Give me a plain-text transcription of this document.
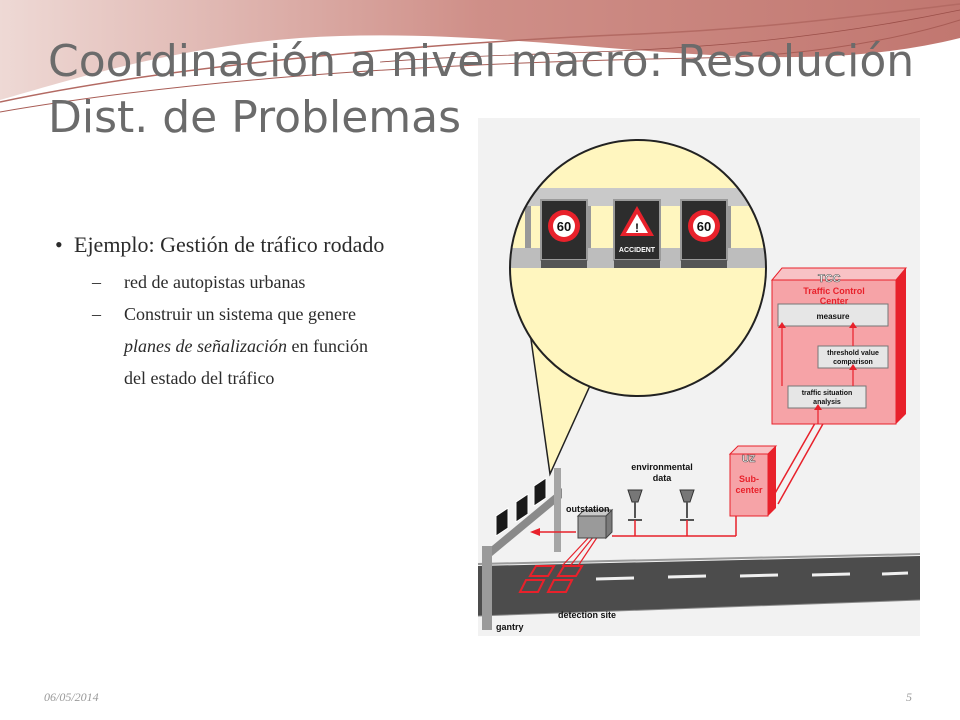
Coordinación a nivel macro: Resolución
Dist. de Problemas
• Ejemplo: Gestión de tráfico rodado
– red de autopistas urbanas
– Construir un sistema que genere
planes de señalización en función
del estado del tráfico
60	!
ACCIDENT
60
TCC
Traffic Control
Center
measure
threshold value
comparison
traffic situation
analysis
UZ
Sub-
center
environmental
data
outstation
detection site
gantry
06/05/2014	5
